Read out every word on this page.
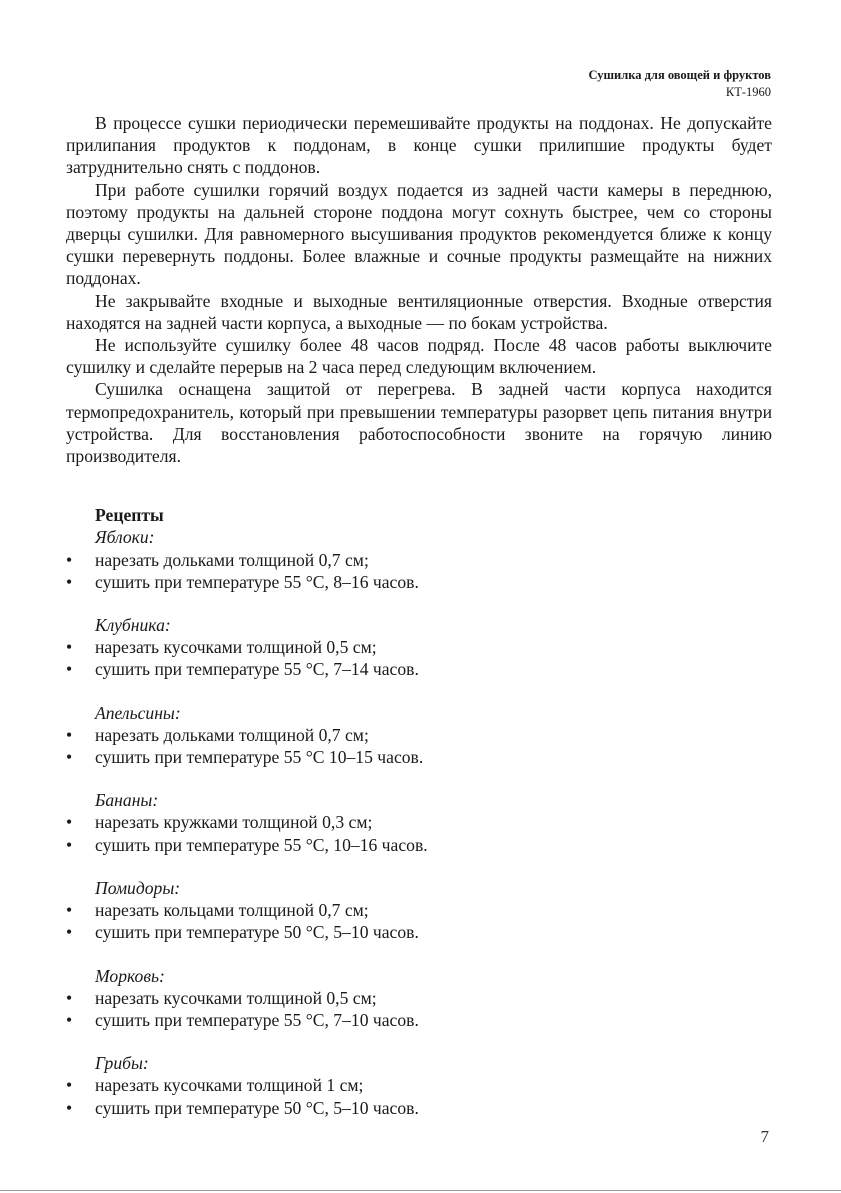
Сушилка для овощей и фруктов
КТ-1960

В процессе сушки периодически перемешивайте продукты на поддонах. Не допускайте прилипания продуктов к поддонам, в конце сушки прилипшие продукты будет затруднительно снять с поддонов.

При работе сушилки горячий воздух подается из задней части камеры в переднюю, поэтому продукты на дальней стороне поддона могут сохнуть быстрее, чем со стороны дверцы сушилки. Для равномерного высушивания продуктов рекомендуется ближе к концу сушки перевернуть поддоны. Более влажные и сочные продукты размещайте на нижних поддонах.

Не закрывайте входные и выходные вентиляционные отверстия. Входные отверстия находятся на задней части корпуса, а выходные — по бокам устройства.

Не используйте сушилку более 48 часов подряд. После 48 часов работы выключите сушилку и сделайте перерыв на 2 часа перед следующим включением.

Сушилка оснащена защитой от перегрева. В задней части корпуса находится термопредохранитель, который при превышении температуры разорвет цепь питания внутри устройства. Для восстановления работоспособности звоните на горячую линию производителя.

Рецепты
Яблоки:
• нарезать дольками толщиной 0,7 см;
• сушить при температуре 55 °С, 8–16 часов.
Клубника:
• нарезать кусочками толщиной 0,5 см;
• сушить при температуре 55 °С, 7–14 часов.
Апельсины:
• нарезать дольками толщиной 0,7 см;
• сушить при температуре 55 °С 10–15 часов.
Бананы:
• нарезать кружками толщиной 0,3 см;
• сушить при температуре 55 °С, 10–16 часов.
Помидоры:
• нарезать кольцами толщиной 0,7 см;
• сушить при температуре 50 °С, 5–10 часов.
Морковь:
• нарезать кусочками толщиной 0,5 см;
• сушить при температуре 55 °С, 7–10 часов.
Грибы:
• нарезать кусочками толщиной 1 см;
• сушить при температуре 50 °С, 5–10 часов.
7
